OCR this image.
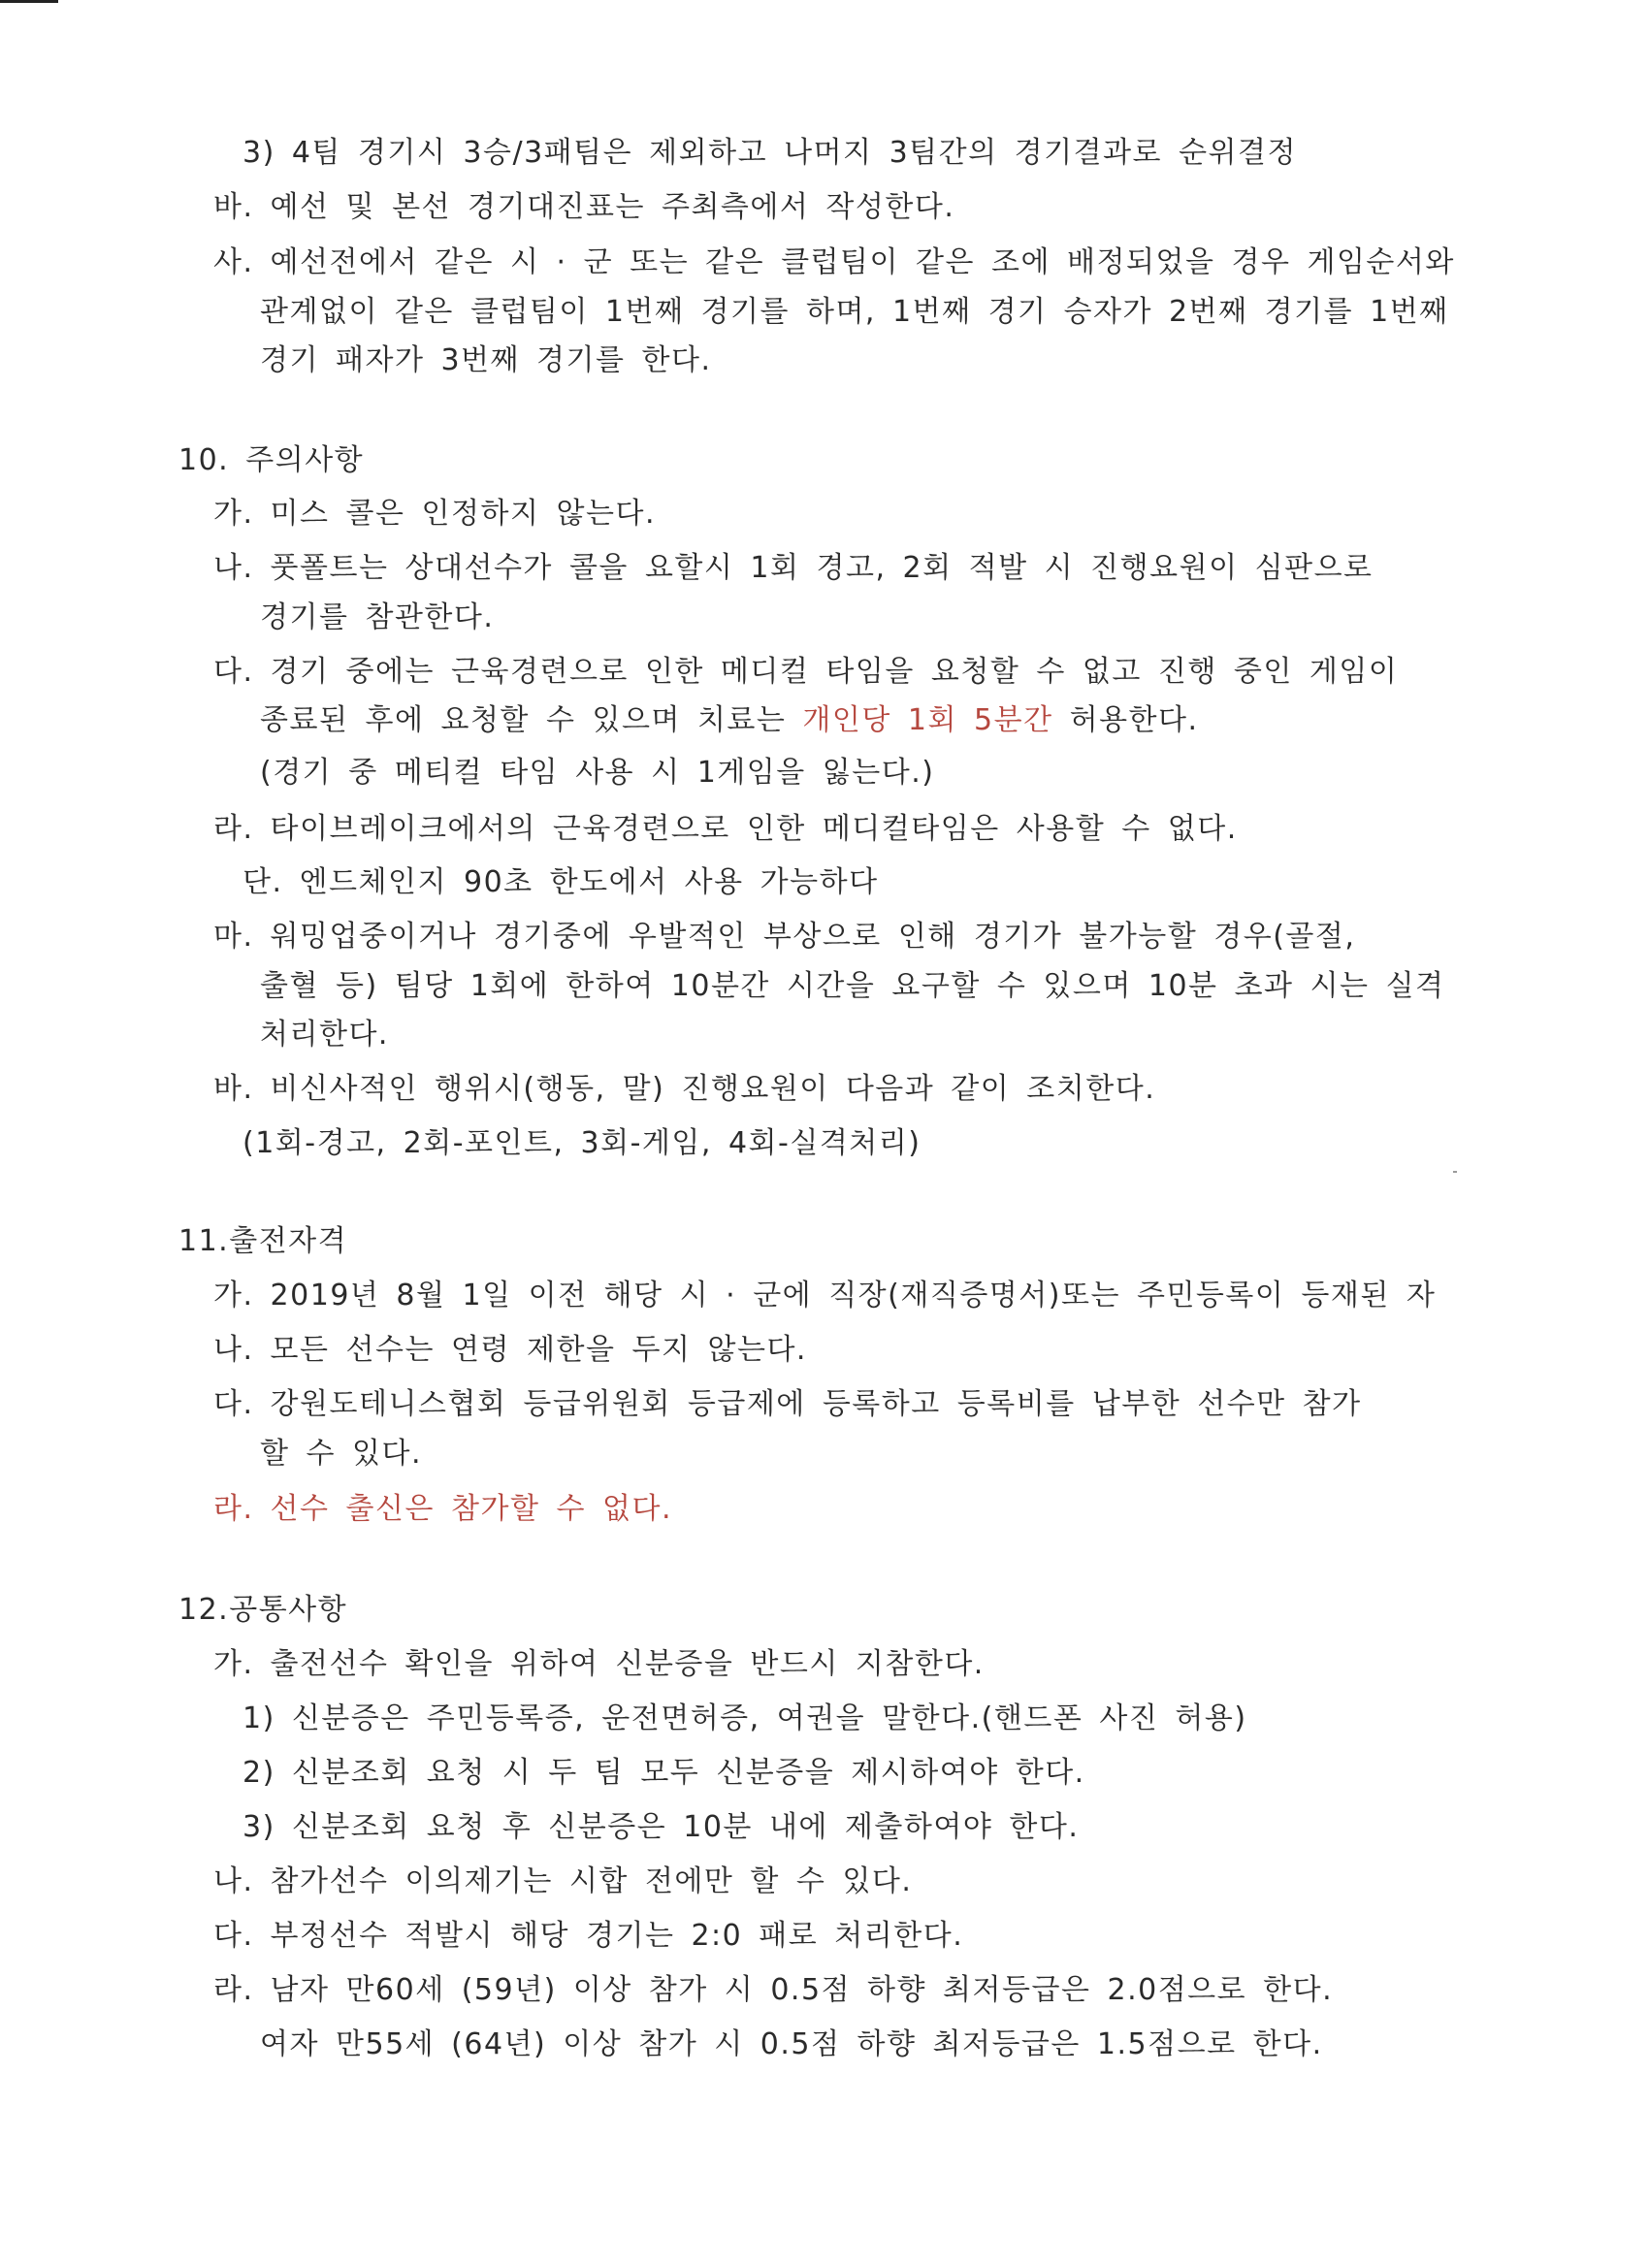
3) 4팀 경기시 3승/3패팀은 제외하고 나머지 3팀간의 경기결과로 순위결정
바. 예선 및 본선 경기대진표는 주최측에서 작성한다.
사. 예선전에서 같은 시 · 군 또는 같은 클럽팀이 같은 조에 배정되었을 경우 게임순서와
관계없이 같은 클럽팀이 1번째 경기를 하며, 1번째 경기 승자가 2번째 경기를 1번째
경기 패자가 3번째 경기를 한다.
10. 주의사항
가. 미스 콜은 인정하지 않는다.
나. 풋폴트는 상대선수가 콜을 요할시 1회 경고, 2회 적발 시 진행요원이 심판으로
경기를 참관한다.
다. 경기 중에는 근육경련으로 인한 메디컬 타임을 요청할 수 없고 진행 중인 게임이
종료된 후에 요청할 수 있으며 치료는 개인당 1회 5분간 허용한다.
(경기 중 메티컬 타임 사용 시 1게임을 잃는다.)
라. 타이브레이크에서의 근육경련으로 인한 메디컬타임은 사용할 수 없다.
단. 엔드체인지 90초 한도에서 사용 가능하다
마. 워밍업중이거나 경기중에 우발적인 부상으로 인해 경기가 불가능할 경우(골절,
출혈 등) 팀당 1회에 한하여 10분간 시간을 요구할 수 있으며 10분 초과 시는 실격
처리한다.
바. 비신사적인 행위시(행동, 말) 진행요원이 다음과 같이 조치한다.
(1회-경고, 2회-포인트, 3회-게임, 4회-실격처리)
11.출전자격
가. 2019년 8월 1일 이전 해당 시 · 군에 직장(재직증명서)또는 주민등록이 등재된 자
나. 모든 선수는 연령 제한을 두지 않는다.
다. 강원도테니스협회 등급위원회 등급제에 등록하고 등록비를 납부한 선수만 참가
할 수 있다.
라. 선수 출신은 참가할 수 없다.
12.공통사항
가. 출전선수 확인을 위하여 신분증을 반드시 지참한다.
1) 신분증은 주민등록증, 운전면허증, 여권을 말한다.(핸드폰 사진 허용)
2) 신분조회 요청 시 두 팀 모두 신분증을 제시하여야 한다.
3) 신분조회 요청 후 신분증은 10분 내에 제출하여야 한다.
나. 참가선수 이의제기는 시합 전에만 할 수 있다.
다. 부정선수 적발시 해당 경기는 2:0 패로 처리한다.
라. 남자 만60세 (59년) 이상 참가 시 0.5점 하향 최저등급은 2.0점으로 한다.
여자 만55세 (64년) 이상 참가 시 0.5점 하향 최저등급은 1.5점으로 한다.
